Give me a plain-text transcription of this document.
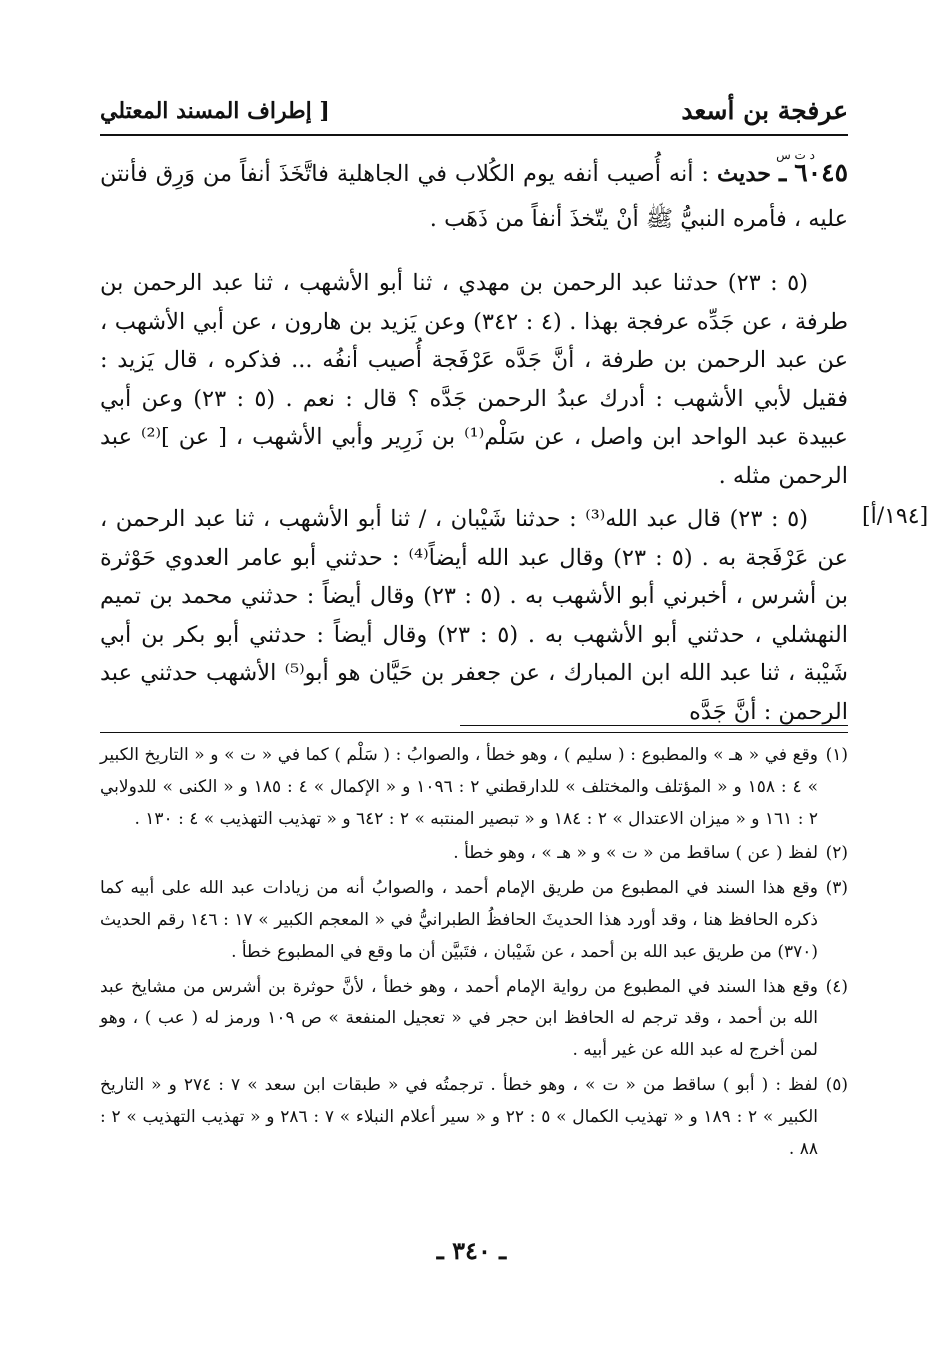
عرفجة بن أسعد
[ إطراف المسند المعتلي
د ت س
٦٠٤٥ ـ حديث : أنه أُصيب أنفه يوم الكُلاب في الجاهلية فاتَّخَذَ أنفاً من وَرِق فأنتن عليه ، فأمره النبيُّ ﷺ أنْ يتّخذَ أنفاً من ذَهَب .
(٥ : ٢٣) حدثنا عبد الرحمن بن مهدي ، ثنا أبو الأشهب ، ثنا عبد الرحمن بن طرفة ، عن جَدِّه عرفجة بهذا . (٤ : ٣٤٢) وعن يَزيد بن هارون ، عن أبي الأشهب ، عن عبد الرحمن بن طرفة ، أنَّ جَدَّه عَرْفَجة أُصيب أنفُه ... فذكره ، قال يَزيد : فقيل لأبي الأشهب : أدرك عبدُ الرحمن جَدَّه ؟ قال : نعم . (٥ : ٢٣) وعن أبي عبيدة عبد الواحد ابن واصل ، عن سَلْم⁽¹⁾ بن زَرِير وأبي الأشهب ، [ عن ]⁽²⁾ عبد الرحمن مثله .
[١٩٤/أ]
(٥ : ٢٣) قال عبد الله⁽³⁾ : حدثنا شَيْبان ، / ثنا أبو الأشهب ، ثنا عبد الرحمن ، عن عَرْفَجة به . (٥ : ٢٣) وقال عبد الله أيضاً⁽⁴⁾ : حدثني أبو عامر العدوي حَوْثرة بن أشرس ، أخبرني أبو الأشهب به . (٥ : ٢٣) وقال أيضاً : حدثني محمد بن تميم النهشلي ، حدثني أبو الأشهب به . (٥ : ٢٣) وقال أيضاً : حدثني أبو بكر بن أبي شَيْبة ، ثنا عبد الله ابن المبارك ، عن جعفر بن حَيَّان هو أبو⁽⁵⁾ الأشهب حدثني عبد الرحمن : أنَّ جَدَّه
(١)
وقع في « هـ » والمطبوع : ( سليم ) ، وهو خطأ ، والصوابُ : ( سَلْم ) كما في « ت » و « التاريخ الكبير » ٤ : ١٥٨ و « المؤتلف والمختلف » للدارقطني ٢ : ١٠٩٦ و « الإكمال » ٤ : ١٨٥ و « الكنى » للدولابي ٢ : ١٦١ و « ميزان الاعتدال » ٢ : ١٨٤ و « تبصير المنتبه » ٢ : ٦٤٢ و « تهذيب التهذيب » ٤ : ١٣٠ .
(٢)
لفظ ( عن ) ساقط من « ت » و « هـ » ، وهو خطأ .
(٣)
وقع هذا السند في المطبوع من طريق الإمام أحمد ، والصوابُ أنه من زيادات عبد الله على أبيه كما ذكره الحافظ هنا ، وقد أورد هذا الحديثَ الحافظُ الطبرانيُّ في « المعجم الكبير » ١٧ : ١٤٦ رقم الحديث (٣٧٠) من طريق عبد الله بن أحمد ، عن شَيْبان ، فتَبيَّن أن ما وقع في المطبوع خطأ .
(٤)
وقع هذا السند في المطبوع من رواية الإمام أحمد ، وهو خطأ ، لأنَّ حوثرة بن أشرس من مشايخ عبد الله بن أحمد ، وقد ترجم له الحافظ ابن حجر في « تعجيل المنفعة » ص ١٠٩ ورمز له ( عب ) ، وهو لمن أخرج له عبد الله عن غير أبيه .
(٥)
لفظ : ( أبو ) ساقط من « ت » ، وهو خطأ . ترجمتُه في « طبقات ابن سعد » ٧ : ٢٧٤ و « التاريخ الكبير » ٢ : ١٨٩ و « تهذيب الكمال » ٥ : ٢٢ و « سير أعلام النبلاء » ٧ : ٢٨٦ و « تهذيب التهذيب » ٢ : ٨٨ .
ـ ٣٤٠ ـ
